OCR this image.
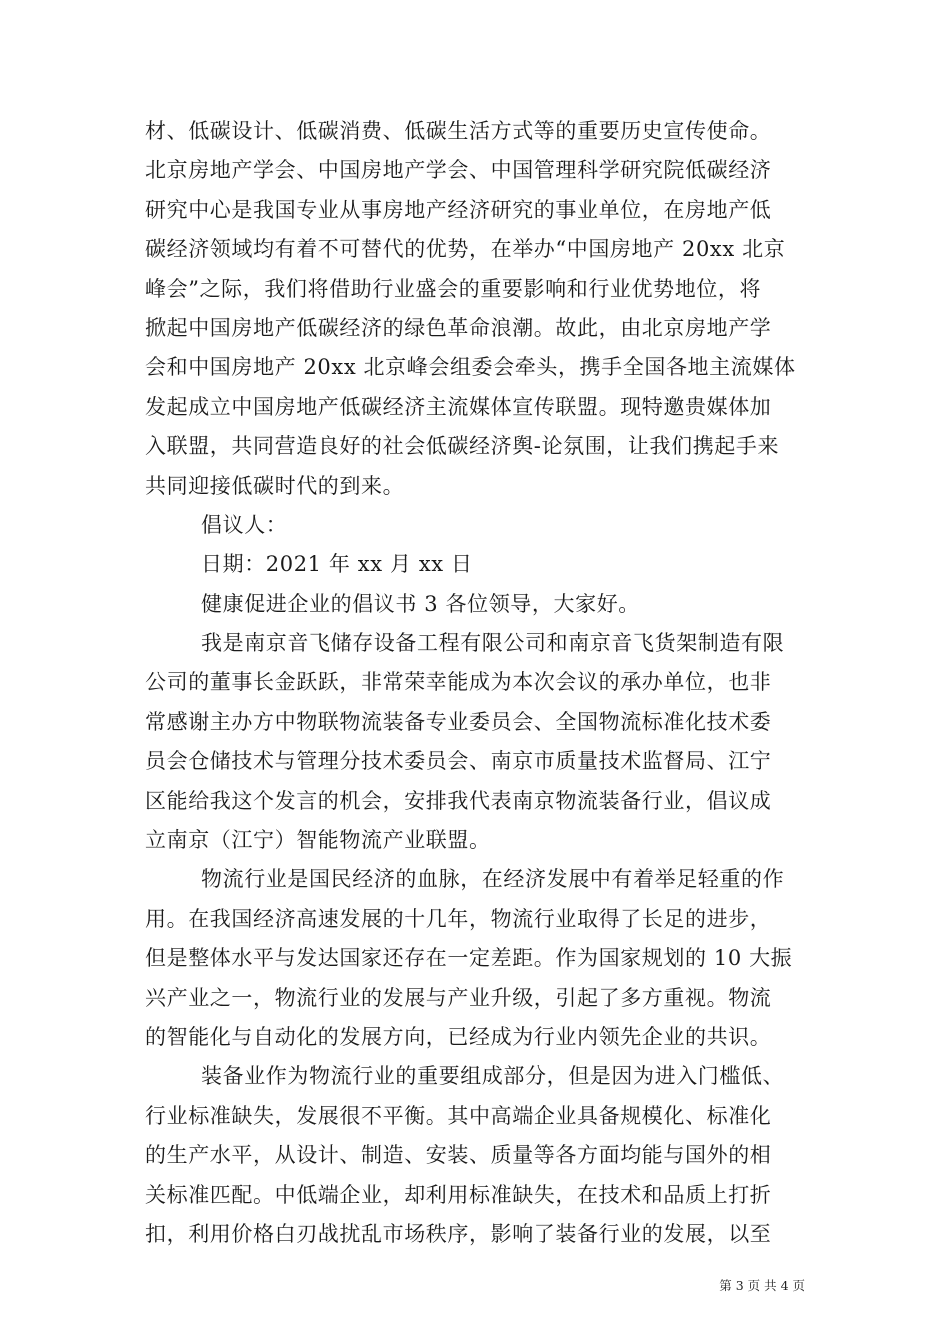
材、低碳设计、低碳消费、低碳生活方式等的重要历史宣传使命。
北京房地产学会、中国房地产学会、中国管理科学研究院低碳经济
研究中心是我国专业从事房地产经济研究的事业单位，在房地产低
碳经济领域均有着不可替代的优势，在举办“中国房地产 20xx 北京
峰会”之际，我们将借助行业盛会的重要影响和行业优势地位，将
掀起中国房地产低碳经济的绿色革命浪潮。故此，由北京房地产学
会和中国房地产 20xx 北京峰会组委会牵头，携手全国各地主流媒体
发起成立中国房地产低碳经济主流媒体宣传联盟。现特邀贵媒体加
入联盟，共同营造良好的社会低碳经济舆-论氛围，让我们携起手来
共同迎接低碳时代的到来。
倡议人：
日期：2021 年 xx 月 xx 日
健康促进企业的倡议书 3 各位领导，大家好。
我是南京音飞储存设备工程有限公司和南京音飞货架制造有限
公司的董事长金跃跃，非常荣幸能成为本次会议的承办单位，也非
常感谢主办方中物联物流装备专业委员会、全国物流标准化技术委
员会仓储技术与管理分技术委员会、南京市质量技术监督局、江宁
区能给我这个发言的机会，安排我代表南京物流装备行业，倡议成
立南京（江宁）智能物流产业联盟。
物流行业是国民经济的血脉，在经济发展中有着举足轻重的作
用。在我国经济高速发展的十几年，物流行业取得了长足的进步，
但是整体水平与发达国家还存在一定差距。作为国家规划的 10 大振
兴产业之一，物流行业的发展与产业升级，引起了多方重视。物流
的智能化与自动化的发展方向，已经成为行业内领先企业的共识。
装备业作为物流行业的重要组成部分，但是因为进入门槛低、
行业标准缺失，发展很不平衡。其中高端企业具备规模化、标准化
的生产水平，从设计、制造、安装、质量等各方面均能与国外的相
关标准匹配。中低端企业，却利用标准缺失，在技术和品质上打折
扣，利用价格白刃战扰乱市场秩序，影响了装备行业的发展，以至
第 3 页 共 4 页
